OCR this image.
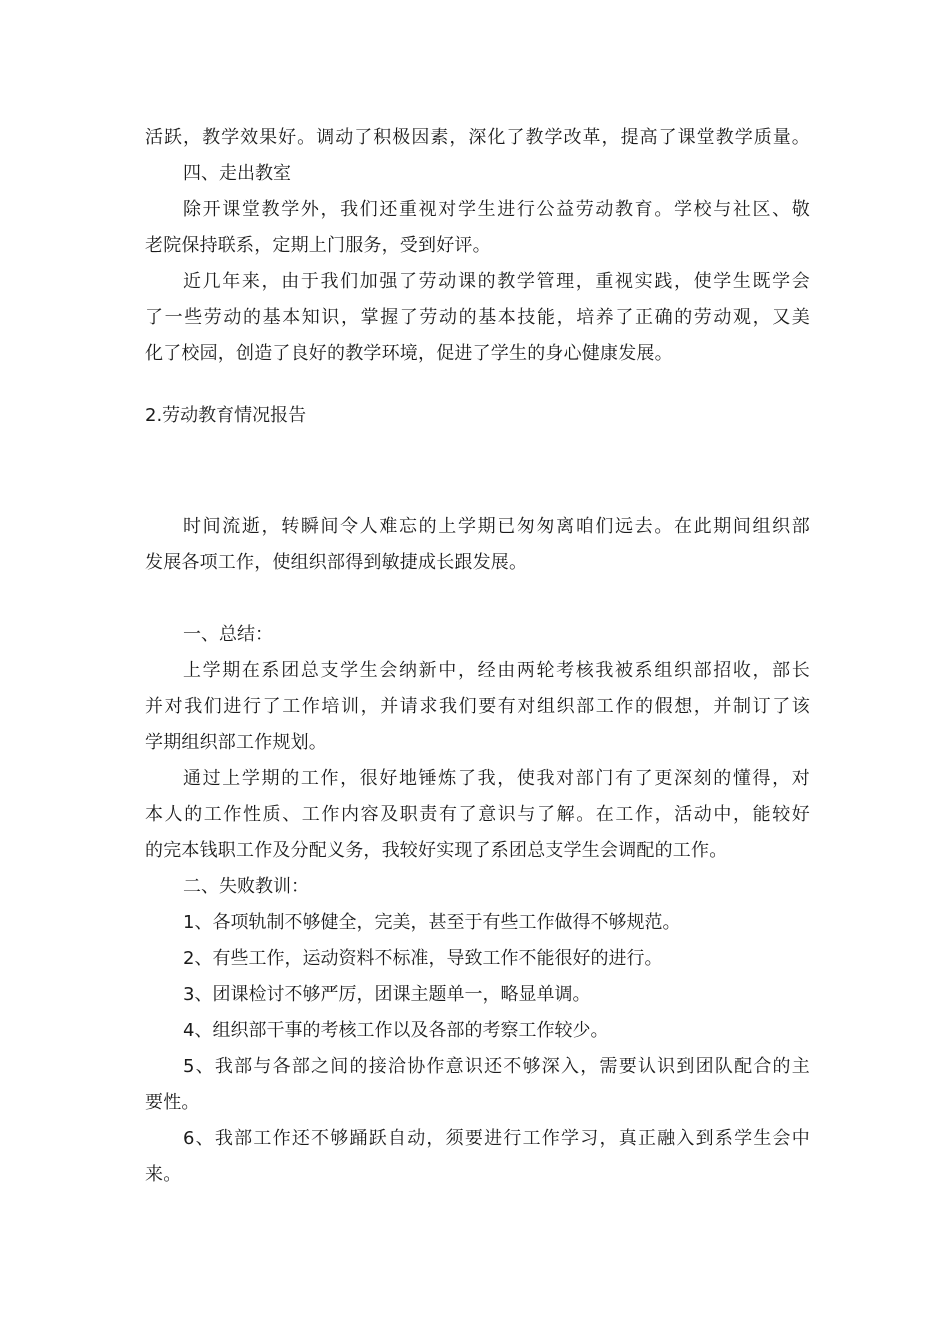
活跃，教学效果好。调动了积极因素，深化了教学改革，提高了课堂教学质量。
四、走出教室
除开课堂教学外，我们还重视对学生进行公益劳动教育。学校与社区、敬
老院保持联系，定期上门服务，受到好评。
近几年来，由于我们加强了劳动课的教学管理，重视实践，使学生既学会
了一些劳动的基本知识，掌握了劳动的基本技能，培养了正确的劳动观，又美
化了校园，创造了良好的教学环境，促进了学生的身心健康发展。
2.劳动教育情况报告
时间流逝，转瞬间令人难忘的上学期已匆匆离咱们远去。在此期间组织部
发展各项工作，使组织部得到敏捷成长跟发展。
一、总结：
上学期在系团总支学生会纳新中，经由两轮考核我被系组织部招收，部长
并对我们进行了工作培训，并请求我们要有对组织部工作的假想，并制订了该
学期组织部工作规划。
通过上学期的工作，很好地锤炼了我，使我对部门有了更深刻的懂得，对
本人的工作性质、工作内容及职责有了意识与了解。在工作，活动中，能较好
的完本钱职工作及分配义务，我较好实现了系团总支学生会调配的工作。
二、失败教训：
1、各项轨制不够健全，完美，甚至于有些工作做得不够规范。
2、有些工作，运动资料不标准，导致工作不能很好的进行。
3、团课检讨不够严厉，团课主题单一，略显单调。
4、组织部干事的考核工作以及各部的考察工作较少。
5、我部与各部之间的接洽协作意识还不够深入，需要认识到团队配合的主
要性。
6、我部工作还不够踊跃自动，须要进行工作学习，真正融入到系学生会中
来。
